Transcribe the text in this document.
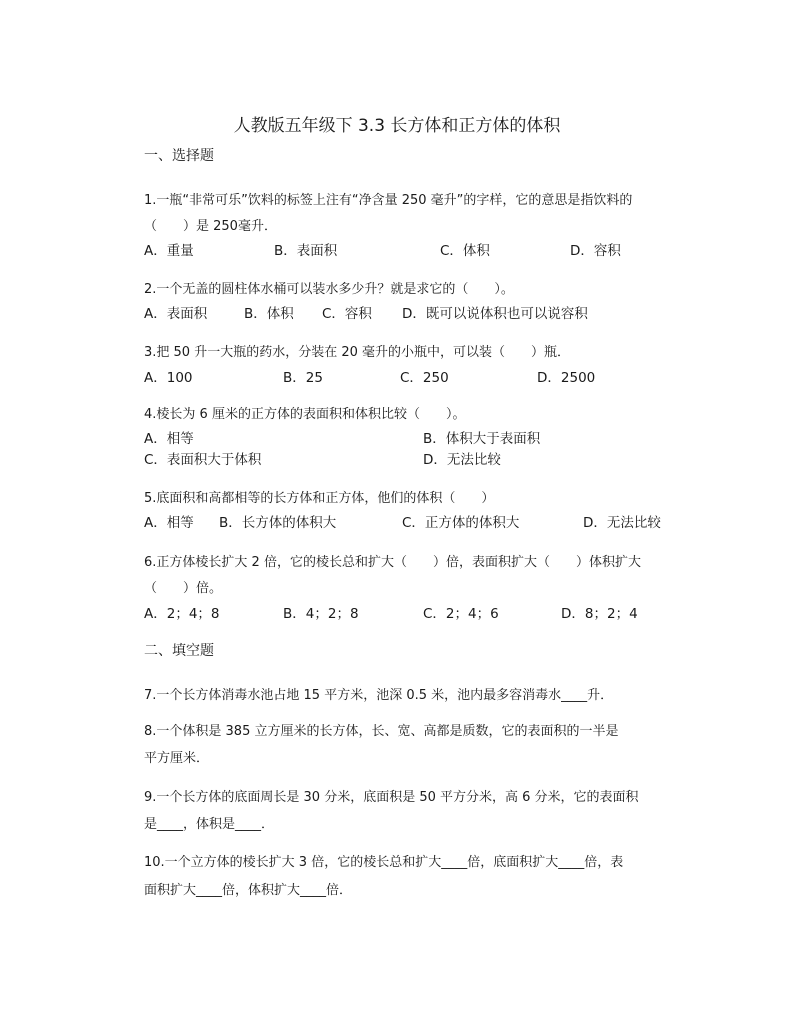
人教版五年级下 3.3 长方体和正方体的体积
一、选择题
1.一瓶“非常可乐”饮料的标签上注有“净含量 250 毫升”的字样，它的意思是指饮料的
（　　）是 250毫升．
A．重量	B．表面积	C．体积	D．容积
2.一个无盖的圆柱体水桶可以装水多少升？就是求它的（　　）。
A．表面积	B．体积 C．容积 D．既可以说体积也可以说容积
3.把 50 升一大瓶的药水，分装在 20 毫升的小瓶中，可以装（　　）瓶．
A．100	B．25	C．250	D．2500
4.棱长为 6 厘米的正方体的表面积和体积比较（　　）。
A．相等	B．体积大于表面积
C．表面积大于体积	D．无法比较
5.底面积和高都相等的长方体和正方体，他们的体积（　　）
A．相等 B．长方体的体积大	C．正方体的体积大	D．无法比较
6.正方体棱长扩大 2 倍，它的棱长总和扩大（　　）倍，表面积扩大（　　）体积扩大
（　　）倍。
A．2；4；8	B．4；2；8	C．2；4；6	D．8；2；4
二、填空题
7.一个长方体消毒水池占地 15 平方米，池深 0.5 米，池内最多容消毒水____升．
8.一个体积是 385 立方厘米的长方体，长、宽、高都是质数，它的表面积的一半是
平方厘米．
9.一个长方体的底面周长是 30 分米，底面积是 50 平方分米，高 6 分米，它的表面积
是____，体积是____．
10.一个立方体的棱长扩大 3 倍，它的棱长总和扩大____倍，底面积扩大____倍，表
面积扩大____倍，体积扩大____倍．
